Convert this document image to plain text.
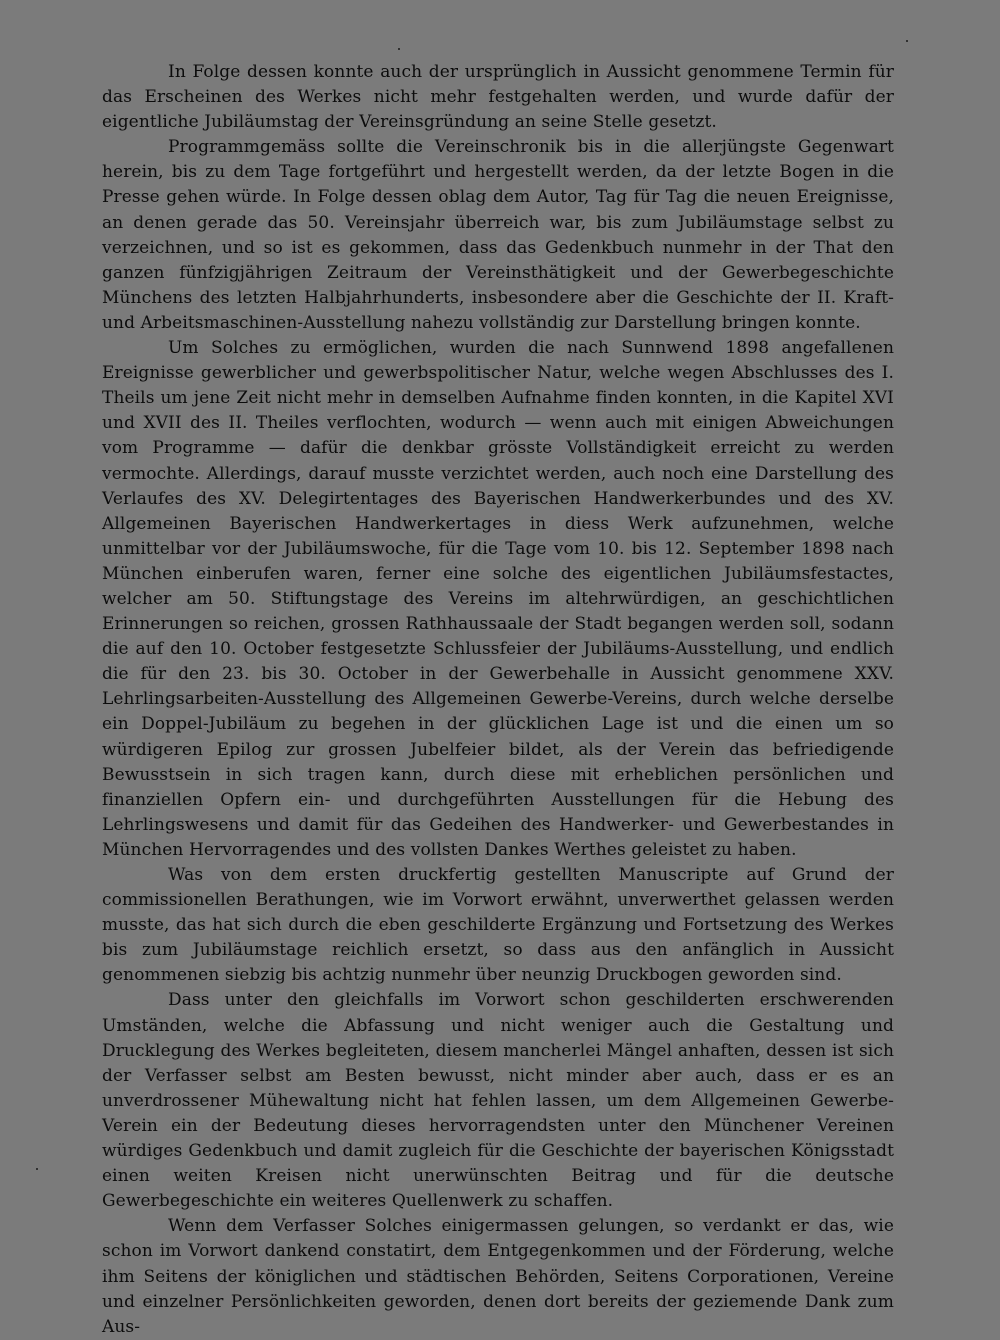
In Folge dessen konnte auch der ursprünglich in Aussicht genommene Termin für das Erscheinen des Werkes nicht mehr festgehalten werden, und wurde dafür der eigentliche Jubiläumstag der Vereinsgründung an seine Stelle gesetzt.

Programmgemäss sollte die Vereinschronik bis in die allerjüngste Gegenwart herein, bis zu dem Tage fortgeführt und hergestellt werden, da der letzte Bogen in die Presse gehen würde. In Folge dessen oblag dem Autor, Tag für Tag die neuen Ereignisse, an denen gerade das 50. Vereinsjahr überreich war, bis zum Jubiläumstage selbst zu verzeichnen, und so ist es gekommen, dass das Gedenkbuch nunmehr in der That den ganzen fünfzigjährigen Zeitraum der Vereinsthätigkeit und der Gewerbegeschichte Münchens des letzten Halbjahrhunderts, insbesondere aber die Geschichte der II. Kraft- und Arbeitsmaschinen-Ausstellung nahezu vollständig zur Darstellung bringen konnte.

Um Solches zu ermöglichen, wurden die nach Sunnwend 1898 angefallenen Ereignisse gewerblicher und gewerbspolitischer Natur, welche wegen Abschlusses des I. Theils um jene Zeit nicht mehr in demselben Aufnahme finden konnten, in die Kapitel XVI und XVII des II. Theiles verflochten, wodurch — wenn auch mit einigen Abweichungen vom Programme — dafür die denkbar grösste Vollständigkeit erreicht zu werden vermochte. Allerdings, darauf musste verzichtet werden, auch noch eine Darstellung des Verlaufes des XV. Delegirtentages des Bayerischen Handwerkerbundes und des XV. Allgemeinen Bayerischen Handwerkertages in diess Werk aufzunehmen, welche unmittelbar vor der Jubiläumswoche, für die Tage vom 10. bis 12. September 1898 nach München einberufen waren, ferner eine solche des eigentlichen Jubiläumsfestactes, welcher am 50. Stiftungstage des Vereins im altehrwürdigen, an geschichtlichen Erinnerungen so reichen, grossen Rathhaussaale der Stadt begangen werden soll, sodann die auf den 10. October festgesetzte Schlussfeier der Jubiläums-Ausstellung, und endlich die für den 23. bis 30. October in der Gewerbehalle in Aussicht genommene XXV. Lehrlingsarbeiten-Ausstellung des Allgemeinen Gewerbe-Vereins, durch welche derselbe ein Doppel-Jubiläum zu begehen in der glücklichen Lage ist und die einen um so würdigeren Epilog zur grossen Jubelfeier bildet, als der Verein das befriedigende Bewusstsein in sich tragen kann, durch diese mit erheblichen persönlichen und finanziellen Opfern ein- und durchgeführten Ausstellungen für die Hebung des Lehrlingswesens und damit für das Gedeihen des Handwerker- und Gewerbestandes in München Hervorragendes und des vollsten Dankes Werthes geleistet zu haben.

Was von dem ersten druckfertig gestellten Manuscripte auf Grund der commissionellen Berathungen, wie im Vorwort erwähnt, unverwerthet gelassen werden musste, das hat sich durch die eben geschilderte Ergänzung und Fortsetzung des Werkes bis zum Jubiläumstage reichlich ersetzt, so dass aus den anfänglich in Aussicht genommenen siebzig bis achtzig nunmehr über neunzig Druckbogen geworden sind.

Dass unter den gleichfalls im Vorwort schon geschilderten erschwerenden Umständen, welche die Abfassung und nicht weniger auch die Gestaltung und Drucklegung des Werkes begleiteten, diesem mancherlei Mängel anhaften, dessen ist sich der Verfasser selbst am Besten bewusst, nicht minder aber auch, dass er es an unverdrossener Mühewaltung nicht hat fehlen lassen, um dem Allgemeinen Gewerbe-Verein ein der Bedeutung dieses hervorragendsten unter den Münchener Vereinen würdiges Gedenkbuch und damit zugleich für die Geschichte der bayerischen Königsstadt einen weiten Kreisen nicht unerwünschten Beitrag und für die deutsche Gewerbegeschichte ein weiteres Quellenwerk zu schaffen.

Wenn dem Verfasser Solches einigermassen gelungen, so verdankt er das, wie schon im Vorwort dankend constatirt, dem Entgegenkommen und der Förderung, welche ihm Seitens der königlichen und städtischen Behörden, Seitens Corporationen, Vereine und einzelner Persönlichkeiten geworden, denen dort bereits der geziemende Dank zum Aus-
